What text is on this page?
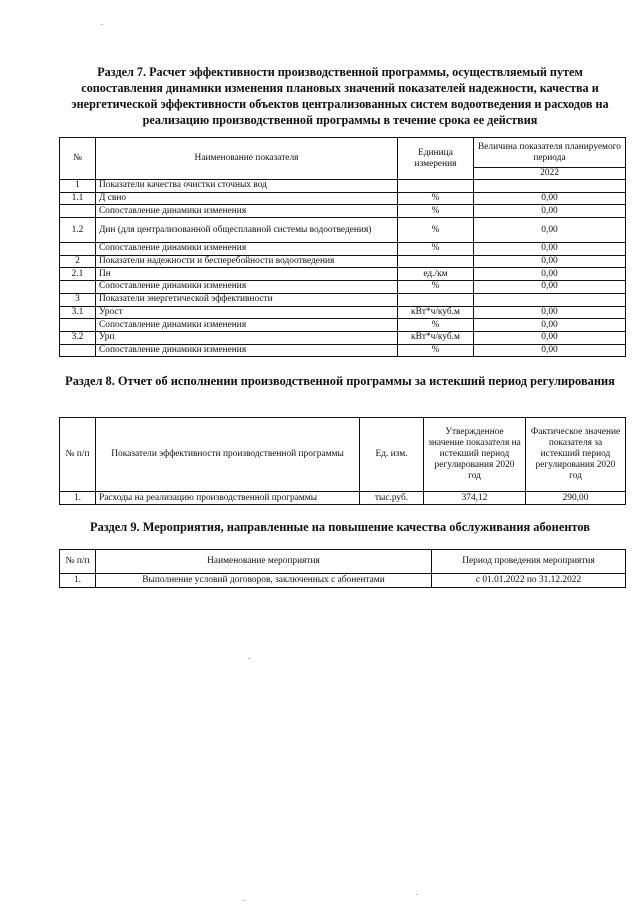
Раздел 7. Расчет эффективности производственной программы, осуществляемый путем сопоставления динамики изменения плановых значений показателей надежности, качества и энергетической эффективности объектов централизованных систем водоотведения и расходов на реализацию производственной программы в течение срока ее действия
№	Наименование показателя	Единица измерения	Величина показателя планируемого периода
			2022
1	Показатели качества очистки сточных вод		
1.1	Д свно	%	0,00
	Сопоставление динамики изменения	%	0,00
1.2	Дин (для централизованной общесплавной системы водоотведения)	%	0,00
	Сопоставление динамики изменения	%	0,00
2	Показатели надежности и бесперебойности водоотведения		0,00
2.1	Пн	ед./км	0,00
	Сопоставление динамики изменения	%	0,00
3	Показатели энергетической эффективности		
3.1	Урост	кВт*ч/куб.м	0,00
	Сопоставление динамики изменения	%	0,00
3.2	Урп	кВт*ч/куб.м	0,00
	Сопоставление динамики изменения	%	0,00
Раздел 8. Отчет об исполнении производственной программы за истекший период регулирования
№ п/п	Показатели эффективности производственной программы	Ед. изм.	Утвержденное значение показателя на истекший период регулирования 2020 год	Фактическое значение показателя за истекший период регулирования 2020 год
1.	Расходы на реализацию производственной программы	тыс.руб.	374,12	290,00
Раздел 9. Мероприятия, направленные на повышение качества обслуживания абонентов
№ п/п	Наименование мероприятия	Период проведения мероприятия
1.	Выполнение условий договоров, заключенных с абонентами	с 01.01.2022 по 31.12.2022
